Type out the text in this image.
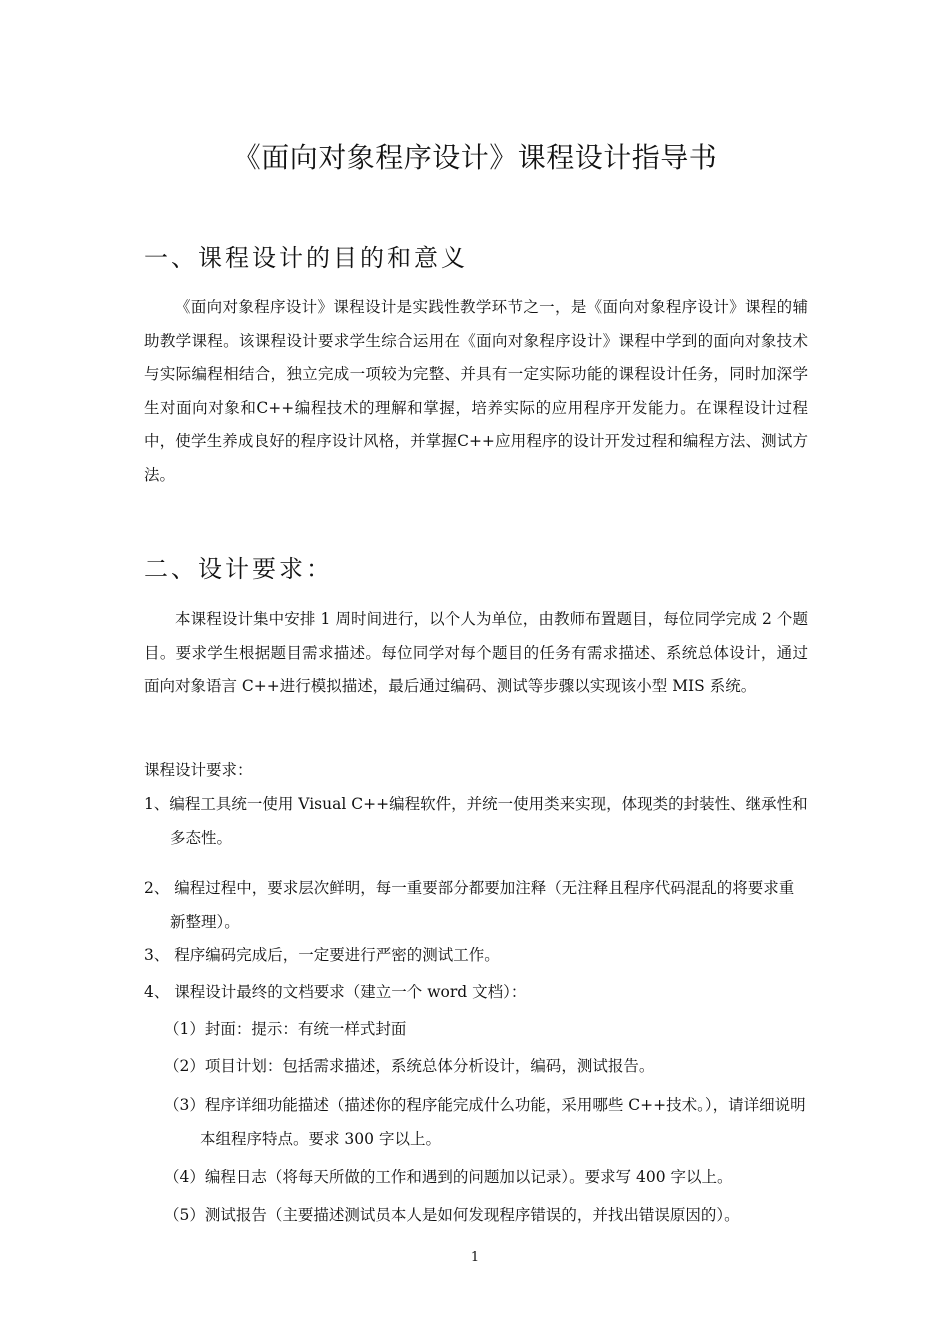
《面向对象程序设计》课程设计指导书
一、课程设计的目的和意义
《面向对象程序设计》课程设计是实践性教学环节之一，是《面向对象程序设计》课程的辅助教学课程。该课程设计要求学生综合运用在《面向对象程序设计》课程中学到的面向对象技术与实际编程相结合，独立完成一项较为完整、并具有一定实际功能的课程设计任务，同时加深学生对面向对象和C++编程技术的理解和掌握，培养实际的应用程序开发能力。在课程设计过程中，使学生养成良好的程序设计风格，并掌握C++应用程序的设计开发过程和编程方法、测试方法。
二、设计要求：
本课程设计集中安排 1 周时间进行，以个人为单位，由教师布置题目，每位同学完成 2 个题目。要求学生根据题目需求描述。每位同学对每个题目的任务有需求描述、系统总体设计，通过面向对象语言 C++进行模拟描述，最后通过编码、测试等步骤以实现该小型 MIS 系统。
课程设计要求：
1、编程工具统一使用 Visual C++编程软件，并统一使用类来实现，体现类的封装性、继承性和多态性。
2、 编程过程中，要求层次鲜明，每一重要部分都要加注释（无注释且程序代码混乱的将要求重新整理）。
3、 程序编码完成后，一定要进行严密的测试工作。
4、 课程设计最终的文档要求（建立一个 word 文档）：
（1）封面：提示：有统一样式封面
（2）项目计划：包括需求描述，系统总体分析设计，编码，测试报告。
（3）程序详细功能描述（描述你的程序能完成什么功能，采用哪些 C++技术。），请详细说明本组程序特点。要求 300 字以上。
（4）编程日志（将每天所做的工作和遇到的问题加以记录）。要求写 400 字以上。
（5）测试报告（主要描述测试员本人是如何发现程序错误的，并找出错误原因的）。
1
